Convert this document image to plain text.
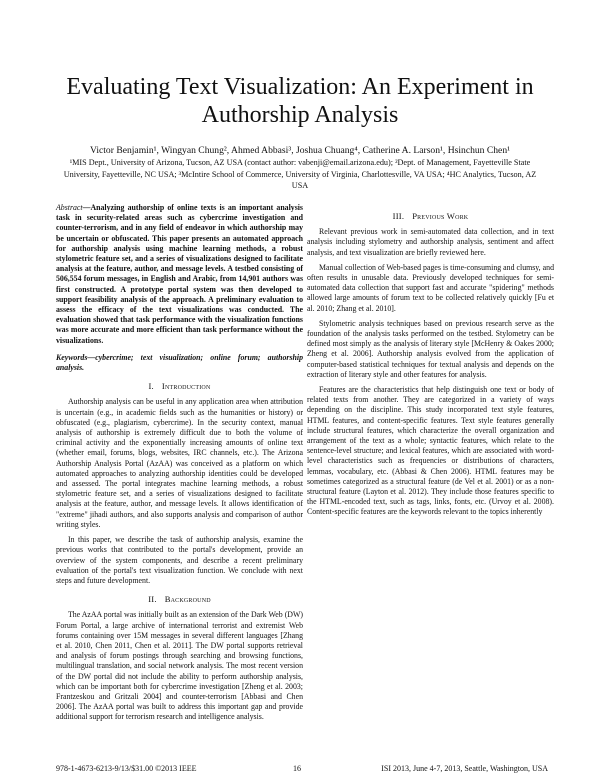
Evaluating Text Visualization: An Experiment in
Authorship Analysis
Victor Benjamin¹, Wingyan Chung², Ahmed Abbasi³, Joshua Chuang⁴, Catherine A. Larson¹, Hsinchun Chen¹
¹MIS Dept., University of Arizona, Tucson, AZ USA (contact author: vabenji@email.arizona.edu); ²Dept. of Management, Fayetteville State University, Fayetteville, NC USA; ³McIntire School of Commerce, University of Virginia, Charlottesville, VA USA; ⁴HC Analytics, Tucson, AZ USA

Abstract—Analyzing authorship of online texts is an important analysis task in security-related areas such as cybercrime investigation and counter-terrorism, and in any field of endeavor in which authorship may be uncertain or obfuscated. This paper presents an automated approach for authorship analysis using machine learning methods, a robust stylometric feature set, and a series of visualizations designed to facilitate analysis at the feature, author, and message levels. A testbed consisting of 506,554 forum messages, in English and Arabic, from 14,901 authors was first constructed. A prototype portal system was then developed to support feasibility analysis of the approach. A preliminary evaluation to assess the efficacy of the text visualizations was conducted. The evaluation showed that task performance with the visualization functions was more accurate and more efficient than task performance without the visualizations.

Keywords—cybercrime; text visualization; online forum; authorship analysis.

I. Introduction

Authorship analysis can be useful in any application area when attribution is uncertain (e.g., in academic fields such as the humanities or history) or obfuscated (e.g., plagiarism, cybercrime). In the security context, manual analysis of authorship is extremely difficult due to both the volume of criminal activity and the exponentially increasing amounts of online text (whether email, forums, blogs, websites, IRC channels, etc.). The Arizona Authorship Analysis Portal (AzAA) was conceived as a platform on which automated approaches to analyzing authorship identities could be developed and assessed. The portal integrates machine learning methods, a robust stylometric feature set, and a series of visualizations designed to facilitate analysis at the feature, author, and message levels. It allows identification of "extreme" jihadi authors, and also supports analysis and comparison of author writing styles.

In this paper, we describe the task of authorship analysis, examine the previous works that contributed to the portal's development, provide an overview of the system components, and describe a recent preliminary evaluation of the portal's text visualization function. We conclude with next steps and future development.

II. Background

The AzAA portal was initially built as an extension of the Dark Web (DW) Forum Portal, a large archive of international terrorist and extremist Web forums containing over 15M messages in several different languages [Zhang et al. 2010, Chen 2011, Chen et al. 2011]. The DW portal supports retrieval and analysis of forum postings through searching and browsing functions, multilingual translation, and social network analysis. The most recent version of the DW portal did not include the ability to perform authorship analysis, which can be important both for cybercrime investigation [Zheng et al. 2003; Frantzeskou and Gritzali 2004] and counter-terrorism [Abbasi and Chen 2006]. The AzAA portal was built to address this important gap and provide additional support for terrorism research and intelligence analysis.

III. Previous Work

Relevant previous work in semi-automated data collection, and in text analysis including stylometry and authorship analysis, sentiment and affect analysis, and text visualization are briefly reviewed here.

Manual collection of Web-based pages is time-consuming and clumsy, and often results in unusable data. Previously developed techniques for semi-automated data collection that support fast and accurate "spidering" methods allowed large amounts of forum text to be collected relatively quickly [Fu et al. 2010; Zhang et al. 2010].

Stylometric analysis techniques based on previous research serve as the foundation of the analysis tasks performed on the testbed. Stylometry can be defined most simply as the analysis of literary style [McHenry & Oakes 2000; Zheng et al. 2006]. Authorship analysis evolved from the application of computer-based statistical techniques for textual analysis and depends on the extraction of literary style and other features for analysis.

Features are the characteristics that help distinguish one text or body of related texts from another. They are categorized in a variety of ways depending on the discipline. This study incorporated text style features, HTML features, and content-specific features. Text style features generally include structural features, which characterize the overall organization and arrangement of the text as a whole; syntactic features, which relate to the sentence-level structure; and lexical features, which are associated with word-level characteristics such as frequencies or distributions of characters, lemmas, vocabulary, etc. (Abbasi & Chen 2006). HTML features may be sometimes categorized as a structural feature (de Vel et al. 2001) or as a non-structural feature (Layton et al. 2012). They include those features specific to the HTML-encoded text, such as tags, links, fonts, etc. (Urvoy et al. 2008). Content-specific features are the keywords relevant to the topics inherently

978-1-4673-6213-9/13/$31.00 ©2013 IEEE	16	ISI 2013, June 4-7, 2013, Seattle, Washington, USA
